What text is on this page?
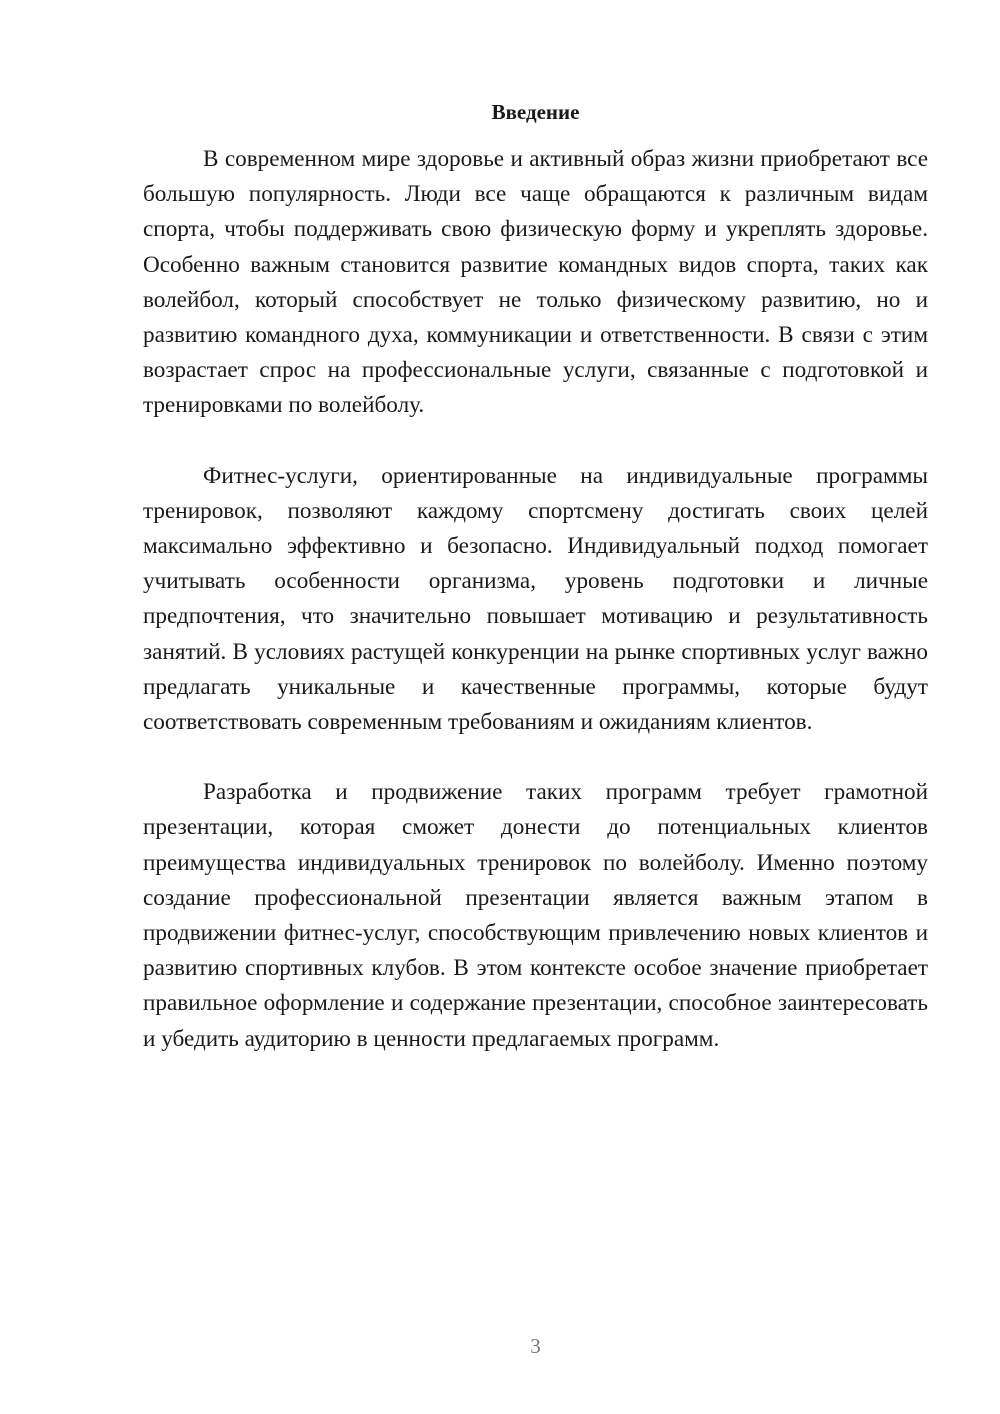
Введение

В современном мире здоровье и активный образ жизни приобретают все большую популярность. Люди все чаще обращаются к различным видам спорта, чтобы поддерживать свою физическую форму и укреплять здоровье. Особенно важным становится развитие командных видов спорта, таких как волейбол, который способствует не только физическому развитию, но и развитию командного духа, коммуникации и ответственности. В связи с этим возрастает спрос на профессиональные услуги, связанные с подготовкой и тренировками по волейболу.

Фитнес-услуги, ориентированные на индивидуальные программы тренировок, позволяют каждому спортсмену достигать своих целей максимально эффективно и безопасно. Индивидуальный подход помогает учитывать особенности организма, уровень подготовки и личные предпочтения, что значительно повышает мотивацию и результативность занятий. В условиях растущей конкуренции на рынке спортивных услуг важно предлагать уникальные и качественные программы, которые будут соответствовать современным требованиям и ожиданиям клиентов.

Разработка и продвижение таких программ требует грамотной презентации, которая сможет донести до потенциальных клиентов преимущества индивидуальных тренировок по волейболу. Именно поэтому создание профессиональной презентации является важным этапом в продвижении фитнес-услуг, способствующим привлечению новых клиентов и развитию спортивных клубов. В этом контексте особое значение приобретает правильное оформление и содержание презентации, способное заинтересовать и убедить аудиторию в ценности предлагаемых программ.

3
